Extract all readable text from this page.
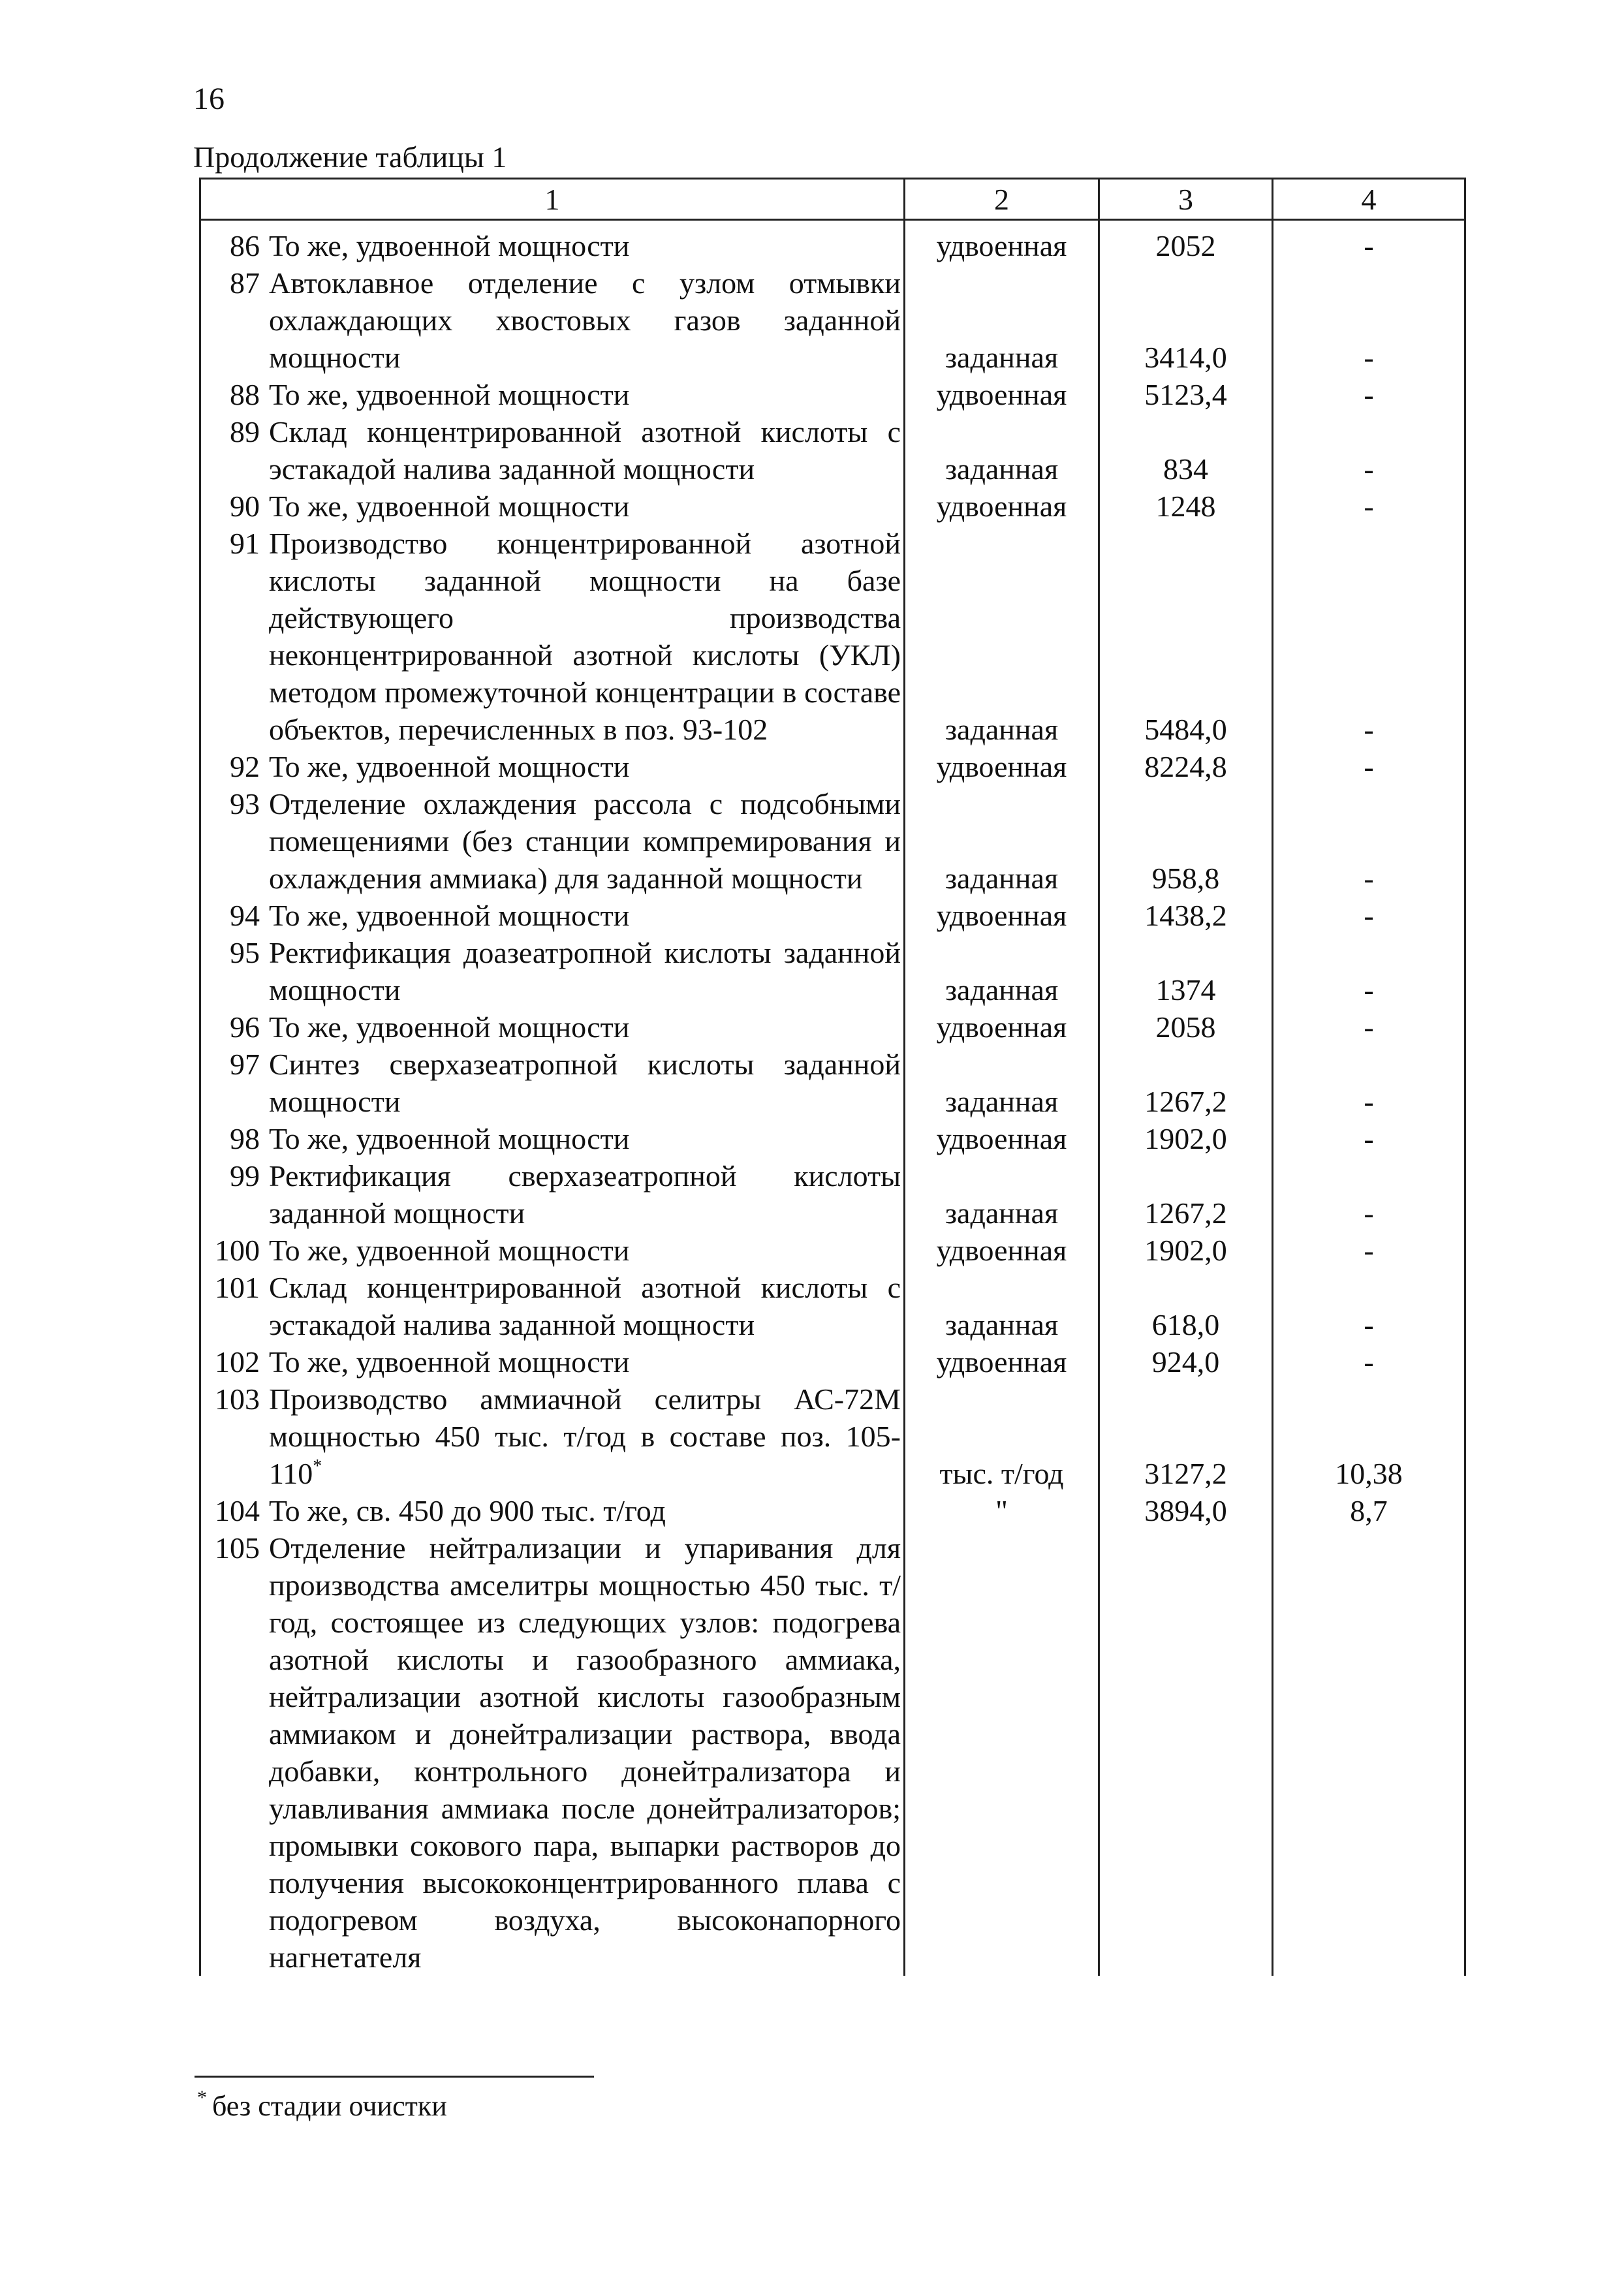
16
Продолжение таблицы 1
1	2	3	4

86 То же, удвоенной мощности	удвоенная	2052	-

87 Автоклавное отделение с узлом отмывки охлаждающих хвостовых газов заданной мощности	заданная	3414,0	-

88 То же, удвоенной мощности	удвоенная	5123,4	-

89 Склад концентрированной азотной кислоты с эстакадой налива заданной мощности	заданная	834	-

90 То же, удвоенной мощности	удвоенная	1248	-

91 Производство концентрированной азотной кислоты заданной мощности на базе действующего производства неконцентрированной азотной кислоты (УКЛ) методом промежуточной концентрации в составе объектов, перечисленных в поз. 93-102	заданная	5484,0	-

92 То же, удвоенной мощности	удвоенная	8224,8	-

93 Отделение охлаждения рассола с подсобными помещениями (без станции компремирования и охлаждения аммиака) для заданной мощности	заданная	958,8	-

94 То же, удвоенной мощности	удвоенная	1438,2	-

95 Ректификация доазеатропной кислоты заданной мощности	заданная	1374	-

96 То же, удвоенной мощности	удвоенная	2058	-

97 Синтез сверхазеатропной кислоты заданной мощности	заданная	1267,2	-

98 То же, удвоенной мощности	удвоенная	1902,0	-

99 Ректификация сверхазеатропной кислоты заданной мощности	заданная	1267,2	-

100 То же, удвоенной мощности	удвоенная	1902,0	-

101 Склад концентрированной азотной кислоты с эстакадой налива заданной мощности	заданная	618,0	-

102 То же, удвоенной мощности	удвоенная	924,0	-

103 Производство аммиачной селитры АС-72М мощностью 450 тыс. т/год в составе поз. 105-110*	тыс. т/год	3127,2	10,38

104 То же, св. 450 до 900 тыс. т/год	"	3894,0	8,7

105 Отделение нейтрализации и упаривания для производства амселитры мощностью 450 тыс. т/год, состоящее из следующих узлов: подогрева азотной кислоты и газообразного аммиака, нейтрализации азотной кислоты газообразным аммиаком и донейтрализации раствора, ввода добавки, контрольного донейтрализатора и улавливания аммиака после донейтрализаторов; промывки сокового пара, выпарки растворов до получения высококонцентрированного плава с подогревом воздуха, высоконапорного нагнетателя			

* без стадии очистки
